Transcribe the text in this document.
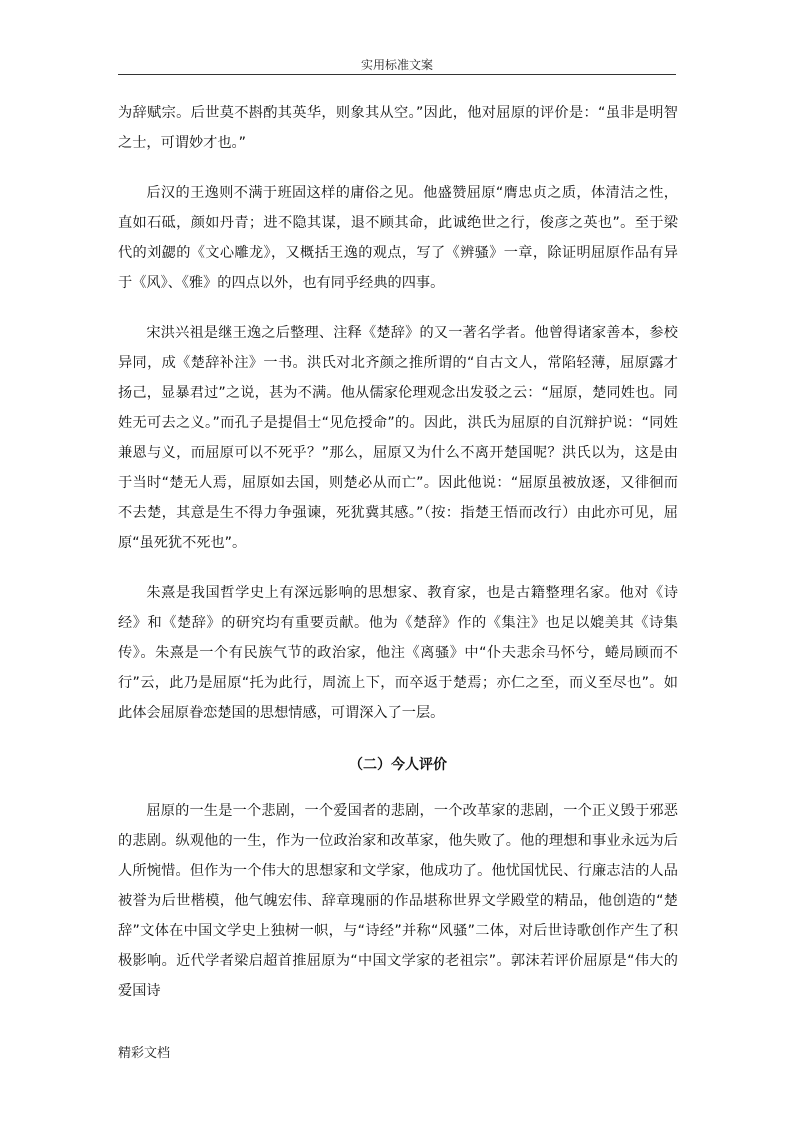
实用标准文案

为辞赋宗。后世莫不斟酌其英华，则象其从空。”因此，他对屈原的评价是：“虽非是明智之士，可谓妙才也。”

后汉的王逸则不满于班固这样的庸俗之见。他盛赞屈原“膺忠贞之质，体清洁之性，直如石砥，颜如丹青；进不隐其谋，退不顾其命，此诚绝世之行，俊彦之英也”。至于梁代的刘勰的《文心雕龙》，又概括王逸的观点，写了《辨骚》一章，除证明屈原作品有异于《风》、《雅》的四点以外，也有同乎经典的四事。

宋洪兴祖是继王逸之后整理、注释《楚辞》的又一著名学者。他曾得诸家善本，参校异同，成《楚辞补注》一书。洪氏对北齐颜之推所谓的“自古文人，常陷轻薄，屈原露才扬己，显暴君过”之说，甚为不满。他从儒家伦理观念出发驳之云：“屈原，楚同姓也。同姓无可去之义。”而孔子是提倡士“见危授命”的。因此，洪氏为屈原的自沉辩护说：“同姓兼恩与义，而屈原可以不死乎？”那么，屈原又为什么不离开楚国呢？洪氏以为，这是由于当时“楚无人焉，屈原如去国，则楚必从而亡”。因此他说：“屈原虽被放逐，又徘徊而不去楚，其意是生不得力争强谏，死犹冀其感。”（按：指楚王悟而改行）由此亦可见，屈原“虽死犹不死也”。

朱熹是我国哲学史上有深远影响的思想家、教育家，也是古籍整理名家。他对《诗经》和《楚辞》的研究均有重要贡献。他为《楚辞》作的《集注》也足以媲美其《诗集传》。朱熹是一个有民族气节的政治家，他注《离骚》中“仆夫悲余马怀兮，蜷局顾而不行”云，此乃是屈原“托为此行，周流上下，而卒返于楚焉；亦仁之至，而义至尽也”。如此体会屈原眷恋楚国的思想情感，可谓深入了一层。

（二）今人评价

屈原的一生是一个悲剧，一个爱国者的悲剧，一个改革家的悲剧，一个正义毁于邪恶的悲剧。纵观他的一生，作为一位政治家和改革家，他失败了。他的理想和事业永远为后人所惋惜。但作为一个伟大的思想家和文学家，他成功了。他忧国忧民、行廉志洁的人品被誉为后世楷模，他气魄宏伟、辞章瑰丽的作品堪称世界文学殿堂的精品，他创造的“楚辞”文体在中国文学史上独树一帜，与“诗经”并称“风骚”二体，对后世诗歌创作产生了积极影响。近代学者梁启超首推屈原为“中国文学家的老祖宗”。郭沫若评价屈原是“伟大的爱国诗

精彩文档
